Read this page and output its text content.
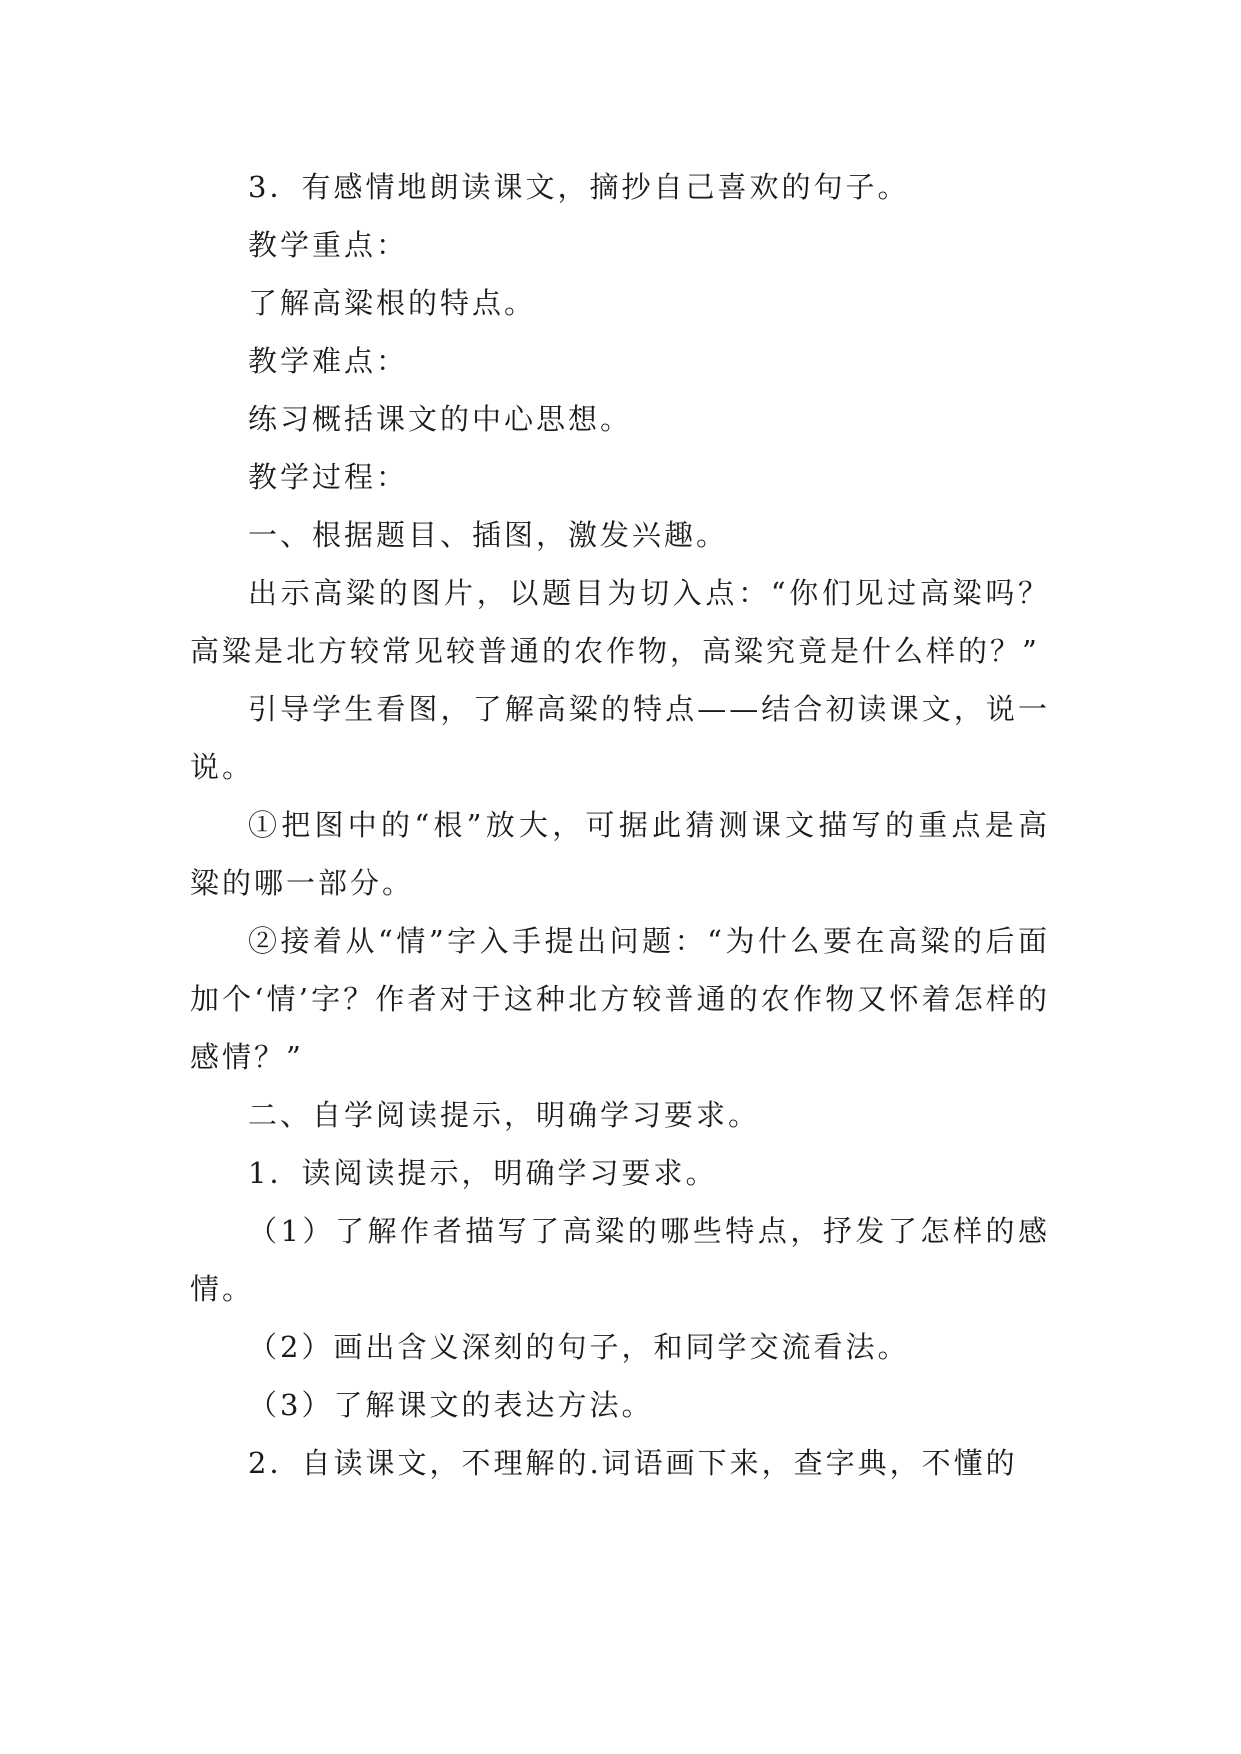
3．有感情地朗读课文，摘抄自己喜欢的句子。

教学重点：

了解高粱根的特点。

教学难点：

练习概括课文的中心思想。

教学过程：

一、根据题目、插图，激发兴趣。

出示高粱的图片，以题目为切入点：“你们见过高粱吗？高粱是北方较常见较普通的农作物，高粱究竟是什么样的？”

引导学生看图，了解高粱的特点——结合初读课文，说一说。

①把图中的“根”放大，可据此猜测课文描写的重点是高粱的哪一部分。

②接着从“情”字入手提出问题：“为什么要在高粱的后面加个‘情’字？作者对于这种北方较普通的农作物又怀着怎样的感情？”

二、自学阅读提示，明确学习要求。

1．读阅读提示，明确学习要求。

（1）了解作者描写了高粱的哪些特点，抒发了怎样的感情。

（2）画出含义深刻的句子，和同学交流看法。

（3）了解课文的表达方法。

2．自读课文，不理解的.词语画下来，查字典，不懂的
